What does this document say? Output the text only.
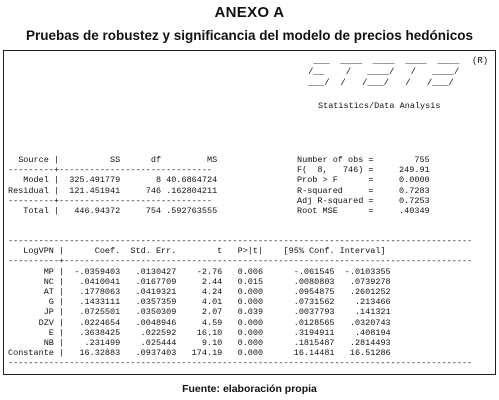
ANEXO A
Pruebas de robustez y significancia del modelo de precios hedónicos
___  ____  ____  ____  ____
/__    /   ____/   /   ____/
___/  /   /___/   /   /___/
(R)
Statistics/Data Analysis
Source |          SS      df         MS
---------+------------------------------
Model |  325.491779       8 40.6864724
Residual |  121.451941     746 .162804211
---------+------------------------------
Total |   446.94372     754 .592763555

Number of obs =        755
F(  8,   746) =     249.91
Prob > F      =     0.0000
R-squared     =     0.7283
Adj R-squared =     0.7253
Root MSE      =     .40349

-------------------------------------------------------------------------------------------
LogVPN |      Coef.  Std. Err.        t   P>|t| [95% Conf. Interval]
----------+--------------------------------------------------------------------------------
MP |  -.0359403   .0130427    -2.76   0.006      -.061545  -.0103355
NC |   .0410041   .0167709     2.44   0.015      .0080803   .0739278
AT |   .1778063   .0419321     4.24   0.000      .0954875   .2601252
G |   .1433111   .0357359     4.01   0.000      .0731562    .213466
JP |   .0725501   .0350309     2.07   0.039      .0037793    .141321
DZV |   .0224654   .0048946     4.59   0.000      .0128565   .0320743
E |   .3638425    .022592    16.10   0.000      .3194911    .408194
NB |    .231499    .025444     9.10   0.000      .1815487   .2814493
Constante |   16.32883   .0937403   174.19   0.000      16.14481   16.51286
-------------------------------------------------------------------------------------------

Fuente: elaboración propia
